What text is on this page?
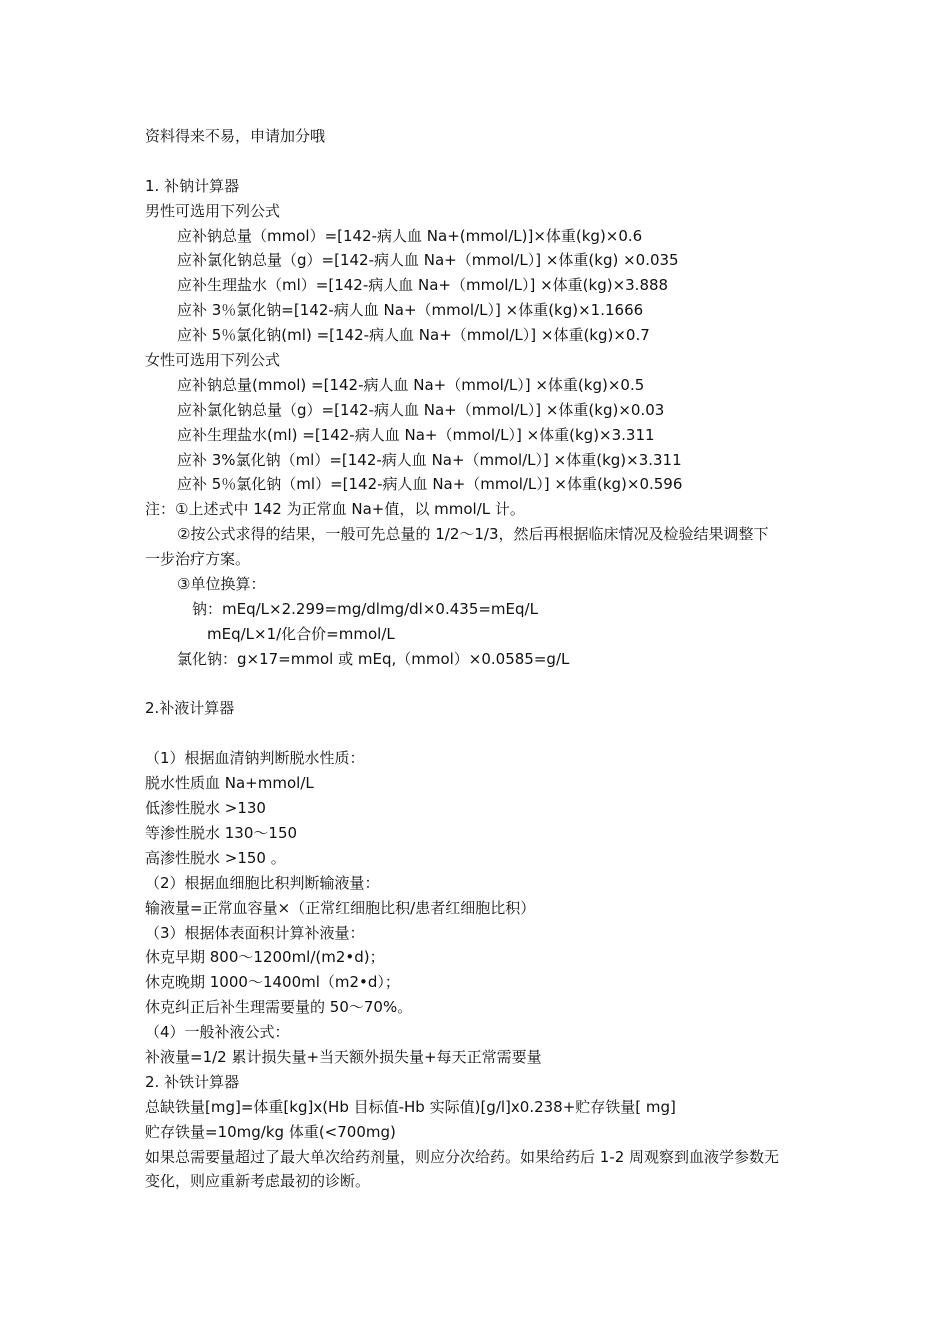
资料得来不易，申请加分哦
1. 补钠计算器
男性可选用下列公式
应补钠总量（mmol）=[142-病人血 Na+(mmol/L)]×体重(kg)×0.6
应补氯化钠总量（g）=[142-病人血 Na+（mmol/L）] ×体重(kg) ×0.035
应补生理盐水（ml）=[142-病人血 Na+（mmol/L）] ×体重(kg)×3.888
应补 3％氯化钠=[142-病人血 Na+（mmol/L）] ×体重(kg)×1.1666
应补 5％氯化钠(ml) =[142-病人血 Na+（mmol/L）] ×体重(kg)×0.7
女性可选用下列公式
应补钠总量(mmol) =[142-病人血 Na+（mmol/L）] ×体重(kg)×0.5
应补氯化钠总量（g）=[142-病人血 Na+（mmol/L）] ×体重(kg)×0.03
应补生理盐水(ml) =[142-病人血 Na+（mmol/L）] ×体重(kg)×3.311
应补 3%氯化钠（ml）=[142-病人血 Na+（mmol/L）] ×体重(kg)×3.311
应补 5％氯化钠（ml）=[142-病人血 Na+（mmol/L）] ×体重(kg)×0.596
注：①上述式中 142 为正常血 Na+值，以 mmol/L 计。
②按公式求得的结果，一般可先总量的 1/2～1/3，然后再根据临床情况及检验结果调整下
一步治疗方案。
③单位换算：
钠：mEq/L×2.299=mg/dlmg/dl×0.435=mEq/L
mEq/L×1/化合价=mmol/L
氯化钠：g×17=mmol 或 mEq,（mmol）×0.0585=g/L
2.补液计算器
（1）根据血清钠判断脱水性质：
脱水性质血 Na+mmol/L
低渗性脱水 >130
等渗性脱水 130～150
高渗性脱水 >150 。
（2）根据血细胞比积判断输液量：
输液量=正常血容量×（正常红细胞比积/患者红细胞比积）
（3）根据体表面积计算补液量：
休克早期 800～1200ml/(m2•d)；
休克晚期 1000～1400ml（m2•d）；
休克纠正后补生理需要量的 50～70%。
（4）一般补液公式：
补液量=1/2 累计损失量+当天额外损失量+每天正常需要量
2. 补铁计算器
总缺铁量[mg]=体重[kg]x(Hb 目标值-Hb 实际值)[g/l]x0.238+贮存铁量[ mg]
贮存铁量=10mg/kg 体重(<700mg)
如果总需要量超过了最大单次给药剂量，则应分次给药。如果给药后 1-2 周观察到血液学参数无
变化，则应重新考虑最初的诊断。
